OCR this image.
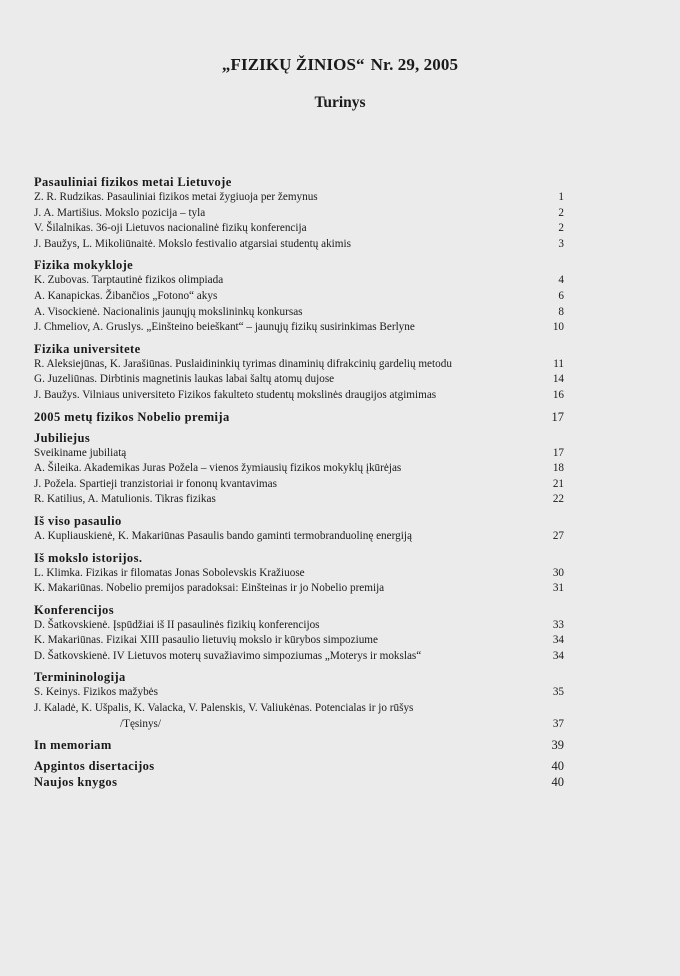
„FIZIKŲ ŽINIOS“ Nr. 29, 2005
Turinys
Pasauliniai fizikos metai Lietuvoje
Z. R. Rudzikas. Pasauliniai fizikos metai žygiuoja per žemynus	1
J. A. Martišius. Mokslo pozicija – tyla	2
V. Šilalnikas. 36-oji Lietuvos nacionalinė fizikų konferencija	2
J. Baužys, L. Mikoliūnaitė. Mokslo festivalio atgarsiai studentų akimis	3
Fizika mokykloje
K. Zubovas. Tarptautinė fizikos olimpiada	4
A. Kanapickas. Žibančios „Fotono“ akys	6
A. Visockienė. Nacionalinis jaunųjų mokslininkų konkursas	8
J. Chmeliov, A. Gruslys. „Einšteino beieškant“ – jaunųjų fizikų susirinkimas Berlyne	10
Fizika universitete
R. Aleksiejūnas, K. Jarašiūnas. Puslaidininkių tyrimas dinaminių difrakcinių gardelių metodu	11
G. Juzeliūnas. Dirbtinis magnetinis laukas labai šaltų atomų dujose	14
J. Baužys. Vilniaus universiteto Fizikos fakulteto studentų mokslinės draugijos atgimimas	16
2005 metų fizikos Nobelio premija	17
Jubiliejus
Sveikiname jubiliatą	17
A. Šileika. Akademikas Juras Požela – vienos žymiausių fizikos mokyklų įkūrėjas	18
J. Požela. Spartieji tranzistoriai ir fononų kvantavimas	21
R. Katilius, A. Matulionis. Tikras fizikas	22
Iš viso pasaulio
A. Kupliauskienė, K. Makariūnas Pasaulis bando gaminti termobranduolinę energiją	27
Iš mokslo istorijos.
L. Klimka. Fizikas ir filomatas Jonas Sobolevskis Kražiuose	30
K. Makariūnas. Nobelio premijos paradoksai: Einšteinas ir jo Nobelio premija	31
Konferencijos
D. Šatkovskienė. Įspūdžiai iš II pasaulinės fizikių konferencijos	33
K. Makariūnas. Fizikai XIII pasaulio lietuvių mokslo ir kūrybos simpoziume	34
D. Šatkovskienė. IV Lietuvos moterų suvažiavimo simpoziumas „Moterys ir mokslas“	34
Termininologija
S. Keinys. Fizikos mažybės	35
J. Kaladė, K. Ušpalis, K. Valacka, V. Palenskis, V. Valiukėnas. Potencialas ir jo rūšys
/Tęsinys/	37
In memoriam	39
Apgintos disertacijos	40
Naujos knygos	40
